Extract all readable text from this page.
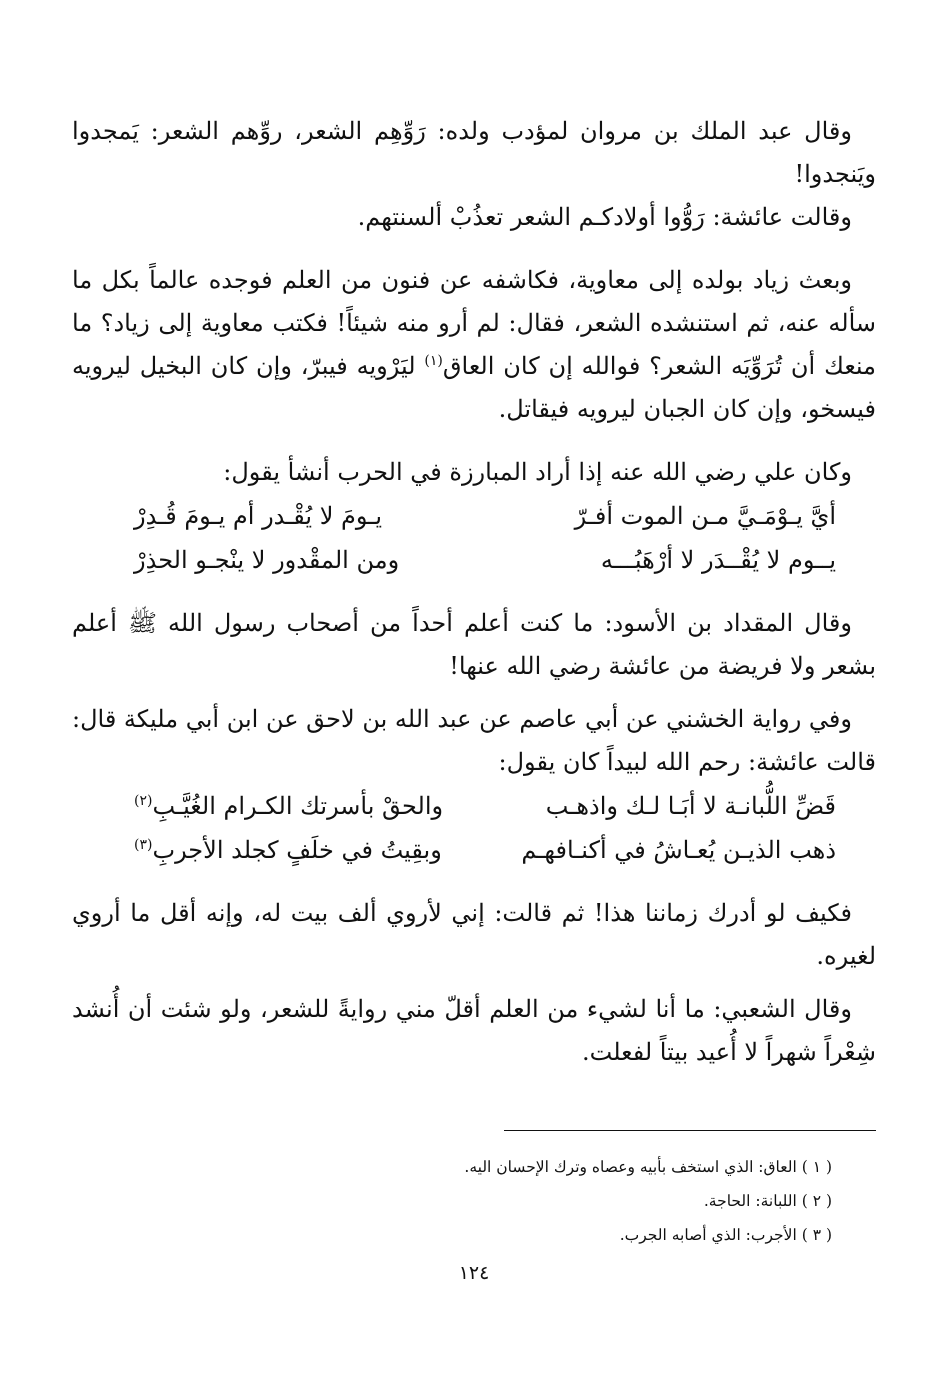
وقال عبد الملك بن مروان لمؤدب ولده: رَوِّهِم الشعر، روِّهم الشعر: يَمجدوا ويَنجدوا!

وقالت عائشة: رَوُّوا أولادكـم الشعر تعذُبْ ألسنتهم.

وبعث زياد بولده إلى معاوية، فكاشفه عن فنون من العلم فوجده عالماً بكل ما سأله عنه، ثم استنشده الشعر، فقال: لم أرو منه شيئاً! فكتب معاوية إلى زياد؟ ما منعك أن تُرَوِّيَه الشعر؟ فوالله إن كان العاق$^{(١)}$ ليَرْويه فيبرّ، وإن كان البخيل ليرويه فيسخو، وإن كان الجبان ليرويه فيقاتل.

وكان علي رضي الله عنه إذا أراد المبارزة في الحرب أنشأ يقول:

أيَّ يـوْمَـيَّ مـن الموت أفـرّ
يـومَ لا يُقْـدر أم يـومَ قُـدِرْ
يــوم لا يُقْــدَر لا أرْهَبُـــه
ومن المقْدور لا ينْجـو الحذِرْ

وقال المقداد بن الأسود: ما كنت أعلم أحداً من أصحاب رسول الله ﷺ أعلم بشعر ولا فريضة من عائشة رضي الله عنها!

وفي رواية الخشني عن أبي عاصم عن عبد الله بن لاحق عن ابن أبي مليكة قال: قالت عائشة: رحم الله لبيداً كان يقول:

قَضِّ اللُّبانـة لا أبَـا لـك واذهـب
والحقْ بأسرتك الكـرام الغُيَّـبِ$^{(٢)}$
ذهب الذيـن يُعـاشُ في أكنـافهـم
وبقِيتُ في خلَفٍ كجلد الأجربِ$^{(٣)}$

فكيف لو أدرك زماننا هذا! ثم قالت: إني لأروي ألف بيت له، وإنه أقل ما أروي لغيره.

وقال الشعبي: ما أنا لشيء من العلم أقلّ مني روايةً للشعر، ولو شئت أن أُنشد شِعْراً شهراً لا أُعيد بيتاً لفعلت.

( ١ ) العاق: الذي استخف بأبيه وعصاه وترك الإحسان اليه.

( ٢ ) اللبانة: الحاجة.

( ٣ ) الأجرب: الذي أصابه الجرب.

١٢٤
